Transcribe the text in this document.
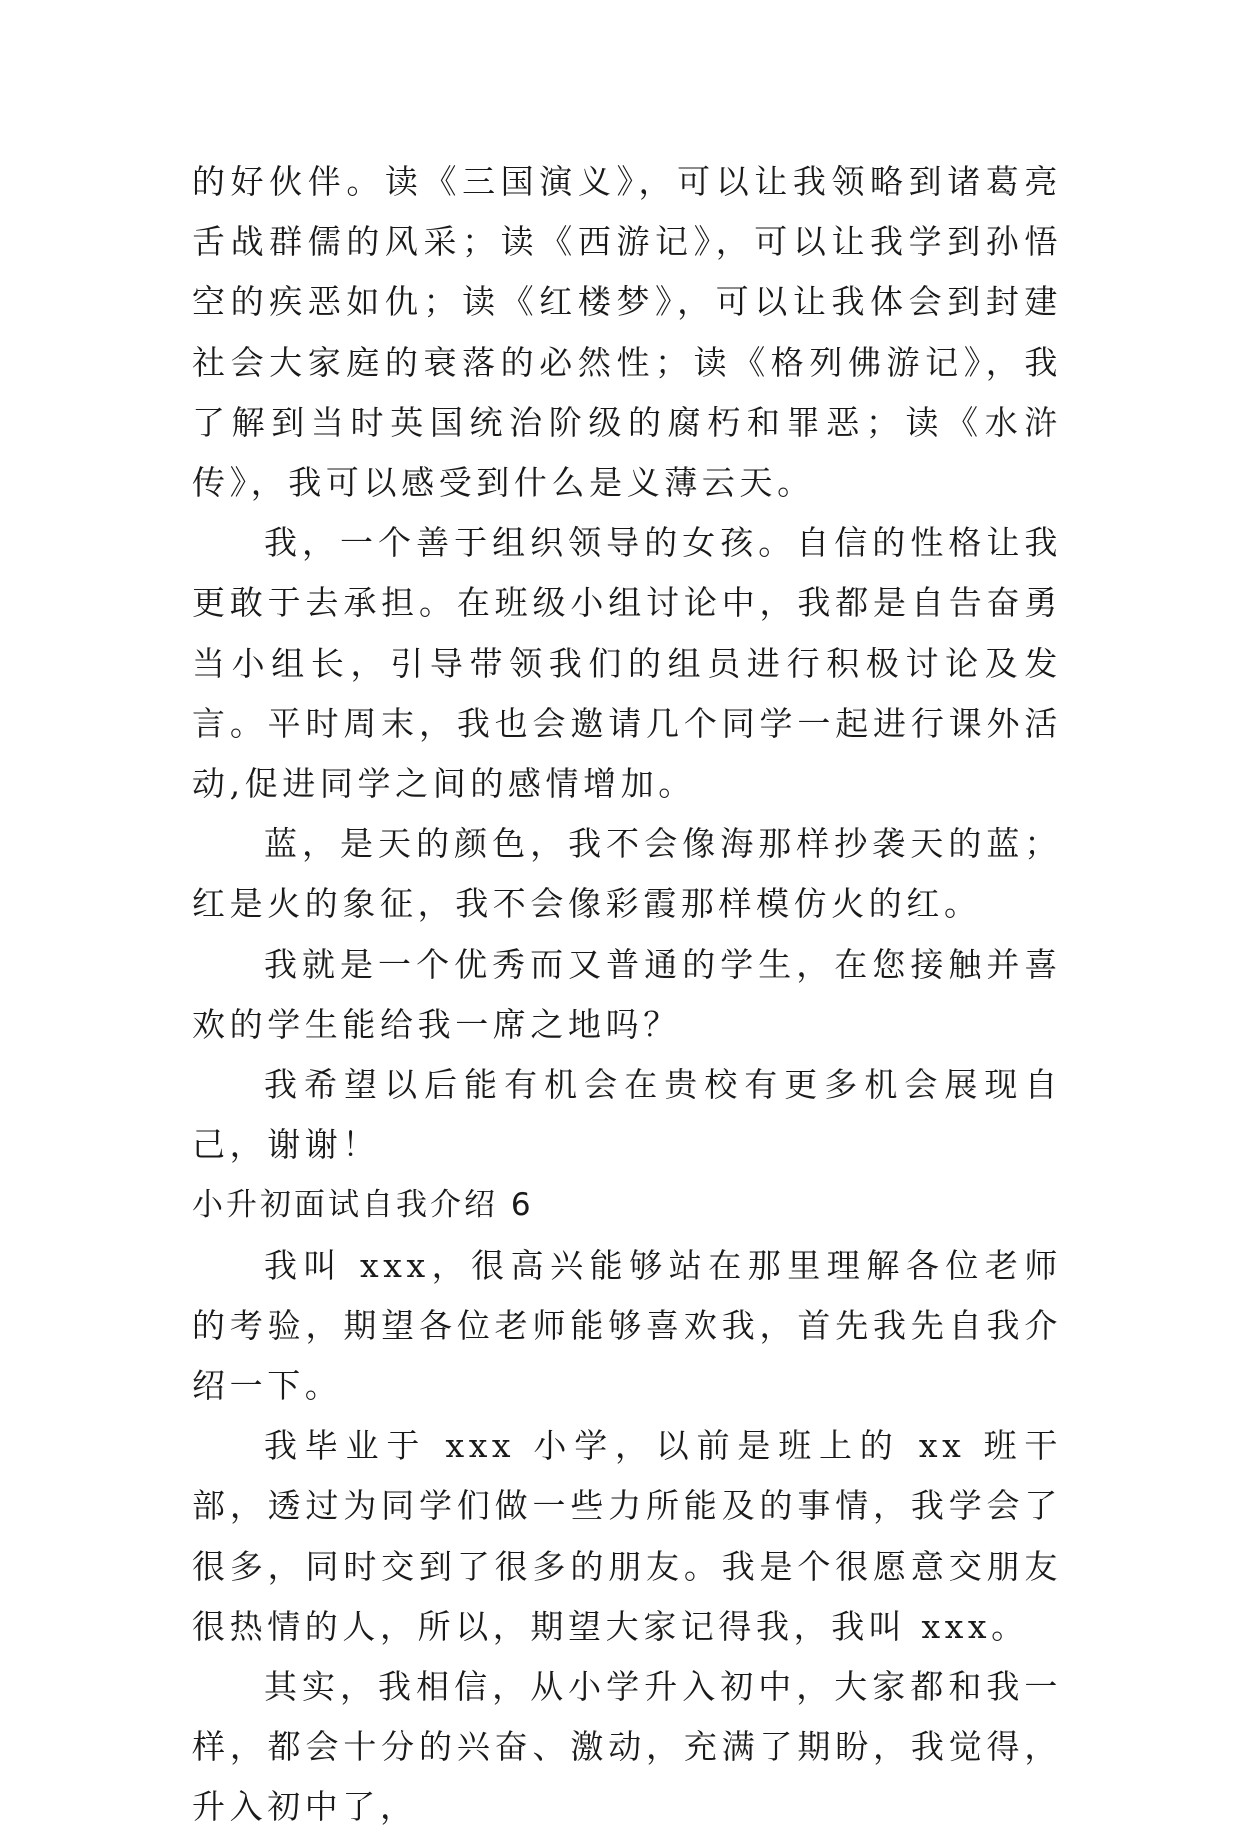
的好伙伴。读《三国演义》，可以让我领略到诸葛亮舌战群儒的风采；读《西游记》，可以让我学到孙悟空的疾恶如仇；读《红楼梦》，可以让我体会到封建社会大家庭的衰落的必然性；读《格列佛游记》，我了解到当时英国统治阶级的腐朽和罪恶；读《水浒传》，我可以感受到什么是义薄云天。

我，一个善于组织领导的女孩。自信的性格让我更敢于去承担。在班级小组讨论中，我都是自告奋勇当小组长，引导带领我们的组员进行积极讨论及发言。平时周末，我也会邀请几个同学一起进行课外活动,促进同学之间的感情增加。

蓝，是天的颜色，我不会像海那样抄袭天的蓝；红是火的象征，我不会像彩霞那样模仿火的红。

我就是一个优秀而又普通的学生，在您接触并喜欢的学生能给我一席之地吗？

我希望以后能有机会在贵校有更多机会展现自己，谢谢！

小升初面试自我介绍 6

我叫 xxx，很高兴能够站在那里理解各位老师的考验，期望各位老师能够喜欢我，首先我先自我介绍一下。

我毕业于 xxx 小学，以前是班上的 xx 班干部，透过为同学们做一些力所能及的事情，我学会了很多，同时交到了很多的朋友。我是个很愿意交朋友很热情的人，所以，期望大家记得我，我叫 xxx。

其实，我相信，从小学升入初中，大家都和我一样，都会十分的兴奋、激动，充满了期盼，我觉得，升入初中了，
